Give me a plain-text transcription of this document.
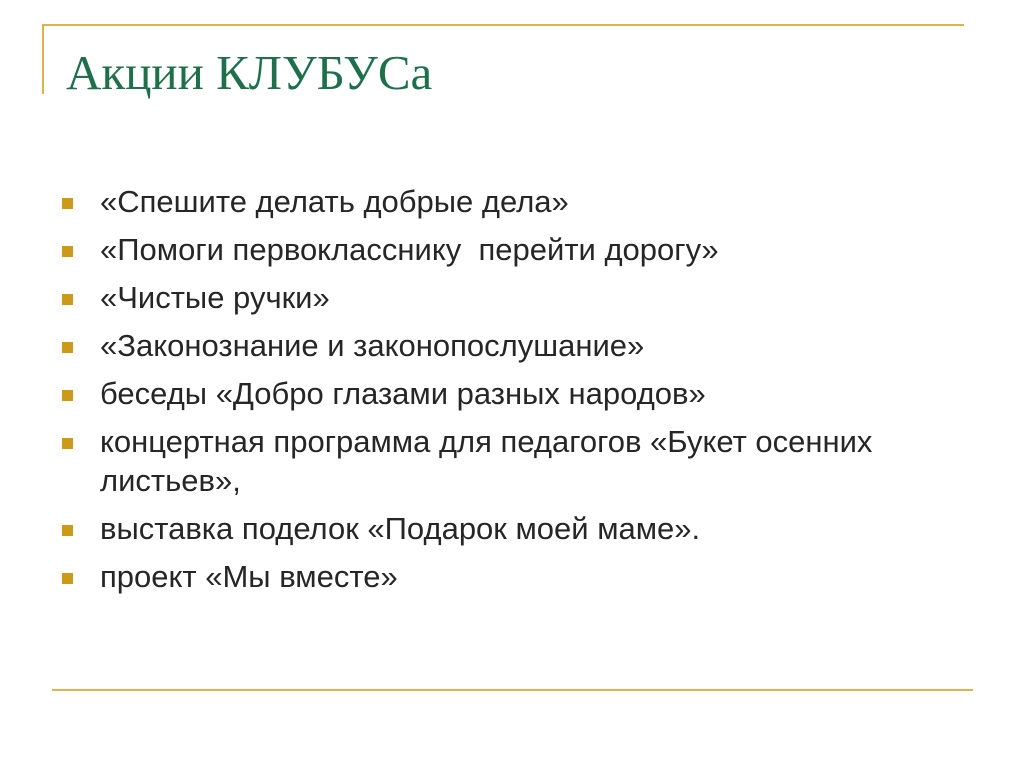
Акции КЛУБУСа
«Спешите делать добрые дела»
«Помоги первокласснику  перейти дорогу»
«Чистые ручки»
«Законознание и законопослушание»
беседы «Добро глазами разных народов»
концертная программа для педагогов «Букет осенних листьев»,
выставка поделок «Подарок моей маме».
проект «Мы вместе»
